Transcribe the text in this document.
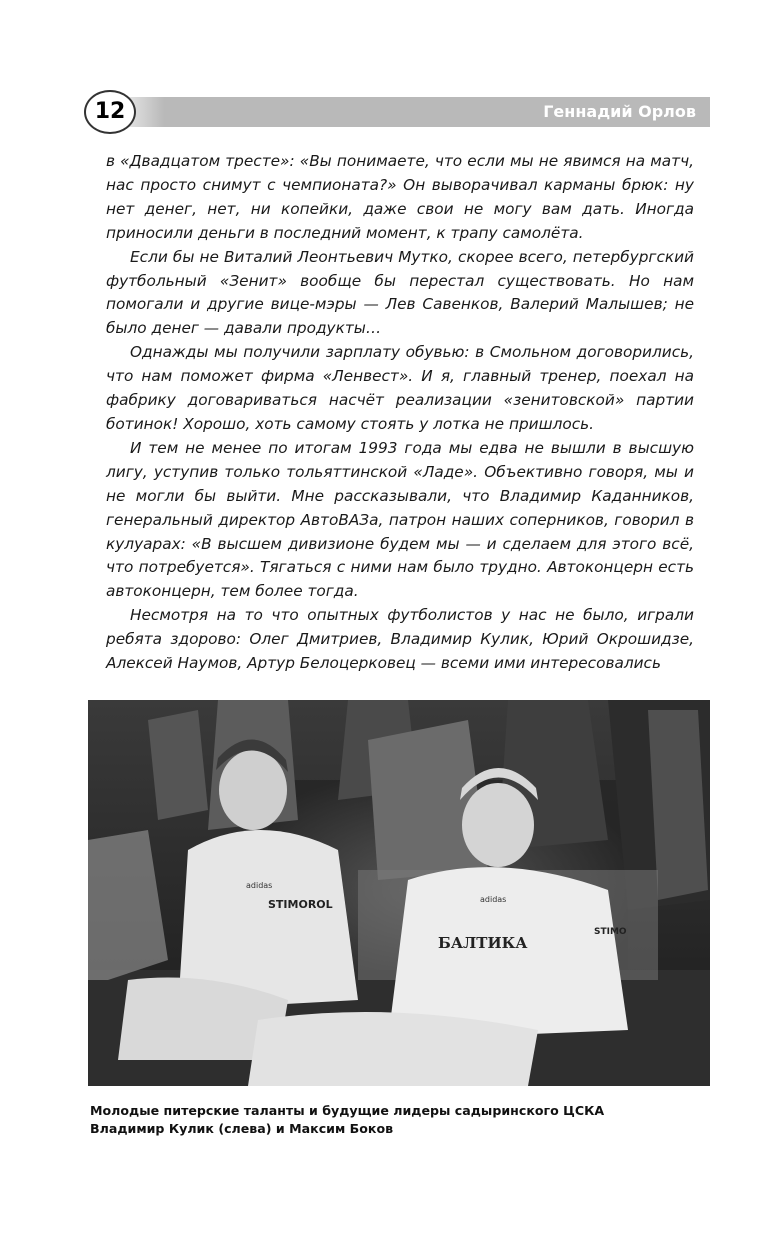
12	Геннадий Орлов

в «Двадцатом тресте»: «Вы понимаете, что если мы не явимся на матч, нас просто снимут с чемпионата?» Он выворачивал карманы брюк: ну нет денег, нет, ни копейки, даже свои не могу вам дать. Иногда приносили деньги в последний момент, к трапу самолёта.

Если бы не Виталий Леонтьевич Мутко, скорее всего, петербургский футбольный «Зенит» вообще бы перестал существовать. Но нам помогали и другие вице-мэры — Лев Савенков, Валерий Малышев; не было денег — давали продукты…

Однажды мы получили зарплату обувью: в Смольном договорились, что нам поможет фирма «Ленвест». И я, главный тренер, поехал на фабрику договариваться насчёт реализации «зенитовской» партии ботинок! Хорошо, хоть самому стоять у лотка не пришлось.

И тем не менее по итогам 1993 года мы едва не вышли в высшую лигу, уступив только тольяттинской «Ладе». Объективно говоря, мы и не могли бы выйти. Мне рассказывали, что Владимир Каданников, генеральный директор АвтоВАЗа, патрон наших соперников, говорил в кулуарах: «В высшем дивизионе будем мы — и сделаем для этого всё, что потребуется». Тягаться с ними нам было трудно. Автоконцерн есть автоконцерн, тем более тогда.

Несмотря на то что опытных футболистов у нас не было, играли ребята здорово: Олег Дмитриев, Владимир Кулик, Юрий Окрошидзе, Алексей Наумов, Артур Белоцерковец — всеми ими интересовались

STIMOROL
adidas
БАЛТИКА
adidas
STIMO
Молодые питерские таланты и будущие лидеры садыринского ЦСКА
Владимир Кулик (слева) и Максим Боков
